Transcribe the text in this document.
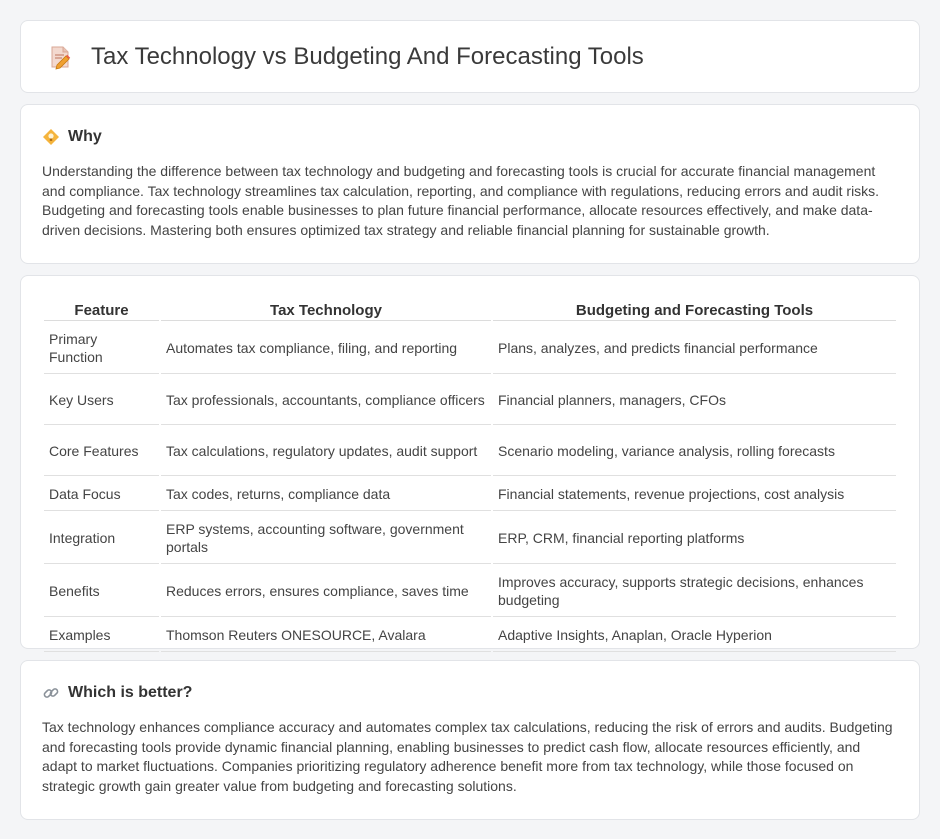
Tax Technology vs Budgeting And Forecasting Tools
Why

Understanding the difference between tax technology and budgeting and forecasting tools is crucial for accurate financial management and compliance. Tax technology streamlines tax calculation, reporting, and compliance with regulations, reducing errors and audit risks. Budgeting and forecasting tools enable businesses to plan future financial performance, allocate resources effectively, and make data-driven decisions. Mastering both ensures optimized tax strategy and reliable financial planning for sustainable growth.

Feature	Tax Technology	Budgeting and Forecasting Tools
Primary Function	Automates tax compliance, filing, and reporting	Plans, analyzes, and predicts financial performance
Key Users	Tax professionals, accountants, compliance officers	Financial planners, managers, CFOs
Core Features	Tax calculations, regulatory updates, audit support	Scenario modeling, variance analysis, rolling forecasts
Data Focus	Tax codes, returns, compliance data	Financial statements, revenue projections, cost analysis
Integration	ERP systems, accounting software, government portals	ERP, CRM, financial reporting platforms
Benefits	Reduces errors, ensures compliance, saves time	Improves accuracy, supports strategic decisions, enhances budgeting
Examples	Thomson Reuters ONESOURCE, Avalara	Adaptive Insights, Anaplan, Oracle Hyperion
Which is better?

Tax technology enhances compliance accuracy and automates complex tax calculations, reducing the risk of errors and audits. Budgeting and forecasting tools provide dynamic financial planning, enabling businesses to predict cash flow, allocate resources efficiently, and adapt to market fluctuations. Companies prioritizing regulatory adherence benefit more from tax technology, while those focused on strategic growth gain greater value from budgeting and forecasting solutions.
